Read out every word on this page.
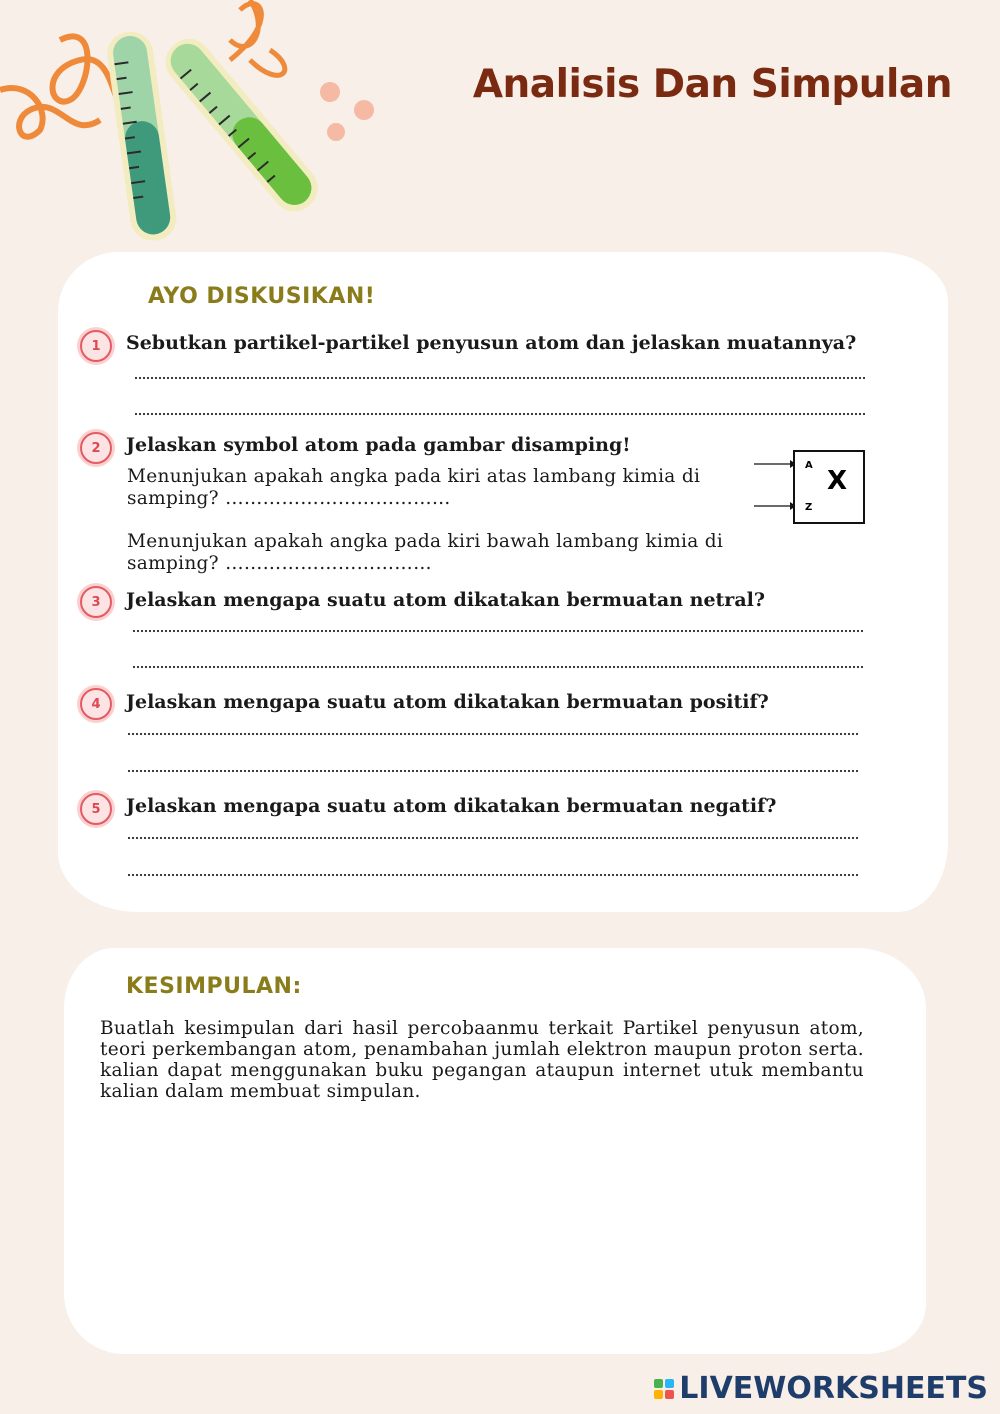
Analisis Dan Simpulan
AYO DISKUSIKAN!
1	Sebutkan partikel-partikel penyusun atom dan jelaskan muatannya?
2	Jelaskan symbol atom pada gambar disamping!
Menunjukan apakah angka pada kiri atas lambang kimia di samping? ………………………………
Menunjukan apakah angka pada kiri bawah lambang kimia di samping? ……………………………
A
X
Z
3	Jelaskan mengapa suatu atom dikatakan bermuatan netral?
4	Jelaskan mengapa suatu atom dikatakan bermuatan positif?
5	Jelaskan mengapa suatu atom dikatakan bermuatan negatif?
KESIMPULAN:
Buatlah kesimpulan dari hasil percobaanmu terkait Partikel penyusun atom, teori perkembangan atom, penambahan jumlah elektron maupun proton serta. kalian dapat menggunakan buku pegangan ataupun internet utuk membantu kalian dalam membuat simpulan.
LIVEWORKSHEETS
